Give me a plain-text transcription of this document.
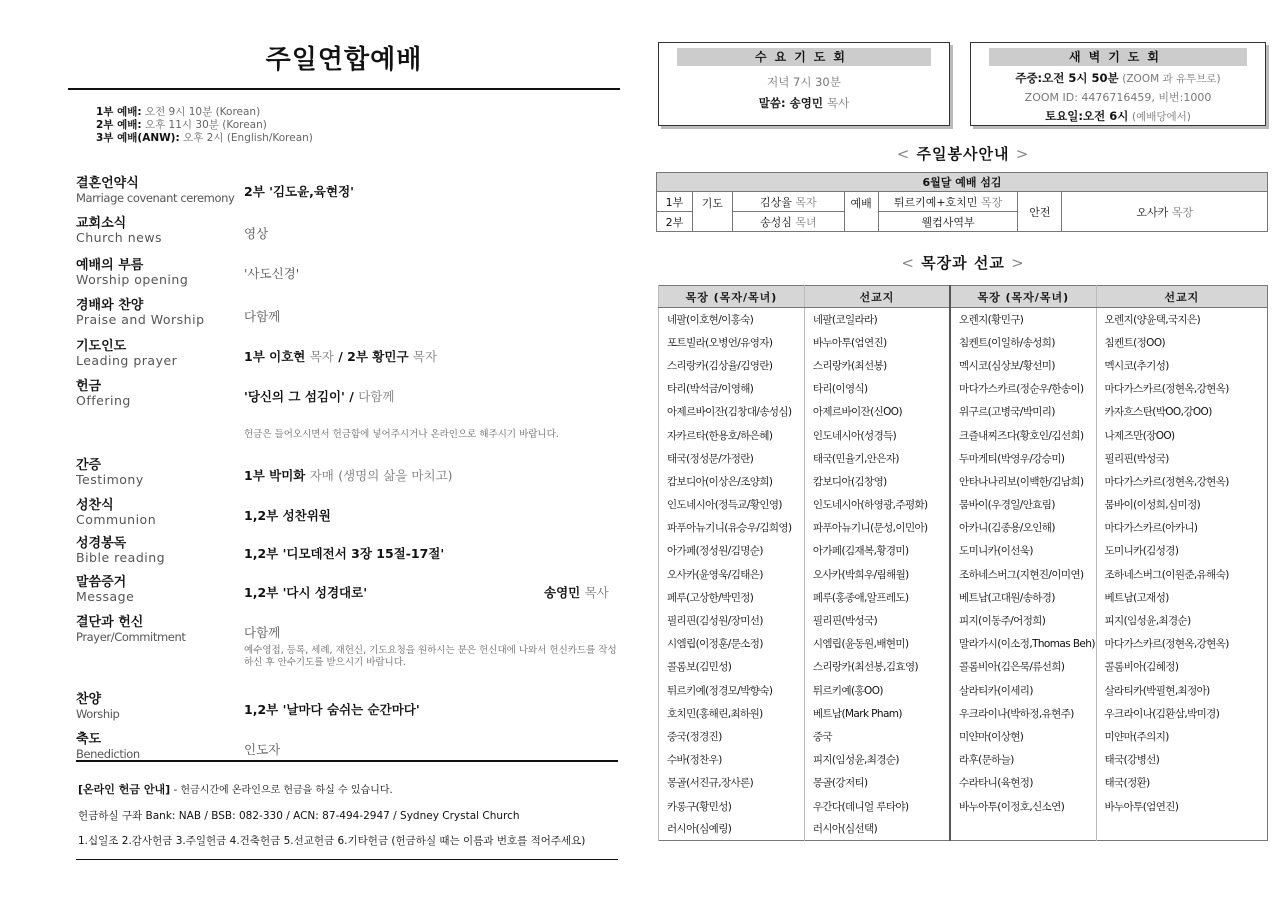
주일연합예배
1부 예배: 오전 9시 10분 (Korean)
2부 예배: 오후 11시 30분 (Korean)
3부 예배(ANW): 오후 2시 (English/Korean)
결혼언약식
Marriage covenant ceremony 2부 '김도윤,육현정'
교회소식
Church news	영상
예배의 부름
Worship opening	'사도신경'
경배와 찬양
Praise and Worship	다함께
기도인도
Leading prayer	1부 이호현 목자 / 2부 황민구 목자
헌금
Offering	'당신의 그 섬김이' / 다함께
헌금은 들어오시면서 헌금함에 넣어주시거나 온라인으로 해주시기 바랍니다.
간증
Testimony	1부 박미화 자매 (생명의 삶을 마치고)
성찬식
Communion	1,2부 성찬위원
성경봉독
Bible reading	1,2부 '디모데전서 3장 15절-17절'
말씀증거
Message	1,2부 '다시 성경대로'	송영민 목사
결단과 헌신
Prayer/Commitment	다함께
예수영접, 등록, 세례, 재헌신, 기도요청을 원하시는 분은 헌신대에 나와서 헌신카드를 작성하신 후 안수기도를 받으시기 바랍니다.
찬양
Worship	1,2부 '날마다 숨쉬는 순간마다'
축도
Benediction	인도자
[온라인 헌금 안내] - 헌금시간에 온라인으로 헌금을 하실 수 있습니다.
헌금하실 구좌 Bank: NAB / BSB: 082-330 / ACN: 87-494-2947 / Sydney Crystal Church
1.십일조 2.감사헌금 3.주일헌금 4.건축헌금 5.선교헌금 6.기타헌금 (헌금하실 때는 이름과 번호를 적어주세요)
수요기도회
저녁 7시 30분
말씀: 송영민 목사
새벽기도회
주중:오전 5시 50분 (ZOOM 과 유투브로)
ZOOM ID: 4476716459, 비번:1000
토요일:오전 6시 (예배당에서)
< 주일봉사안내 >
6월달 예배 섬김						
1부	기도	김상율 목자	예배	튀르키예+호치민 목장	안전	오사카 목장
2부		송성심 목녀		웰컴사역부		
< 목장과 선교 >
목장 (목자/목녀)	선교지	목장 (목자/목녀)	선교지
네팔(이호현/이홍숙)	네팔(코일라라)	오렌지(황민구)	오렌지(양윤택,국지은)
포트빌라(오병언/유영자)	바누아투(엄연진)	침켄트(이일하/송성희)	침켄트(정OO)
스리랑카(김상율/김영란)	스리랑카(최선봉)	멕시코(심상보/황선미)	멕시코(추기성)
타리(박석금/이영해)	타리(이영식)	마다가스카르(정순우/한송이)	마다가스카르(정현옥,강현옥)
아제르바이잔(김창대/송성심)	아제르바이잔(신OO)	위구르(고병국/박미리)	카자흐스탄(박OO,강OO)
자카르타(한용호/하은혜)	인도네시아(성경득)	크즐내찌즈다(황호인/김선희)	나제즈만(장OO)
태국(정성문/가정란)	태국(민율기,안은자)	두마게티(박영우/강승미)	필리핀(박성국)
캄보디아(이상은/조양희)	캄보디아(김창영)	안타나나리보(이백한/김남희)	마다가스카르(정현옥,강현옥)
인도네시아(정득교/황인영)	인도네시아(하영광,주평화)	뭄바이(우경일/안효림)	뭄바이(이성희,심미정)
파푸아뉴기니(유승우/김희영)	파푸아뉴기니(문성,이민아)	아카니(김종용/오인해)	마다가스카르(아카니)
아가페(정성원/김명순)	아가페(김재복,황경미)	도미니카(이선욱)	도미니카(김성경)
오사카(윤영욱/김태은)	오사카(박희우/림해월)	조하네스버그(지현진/이미연)	조하네스버그(이원준,유해숙)
페루(고상한/박민정)	페루(홍종애,알프레도)	베트남(고대원/송하경)	베트남(고재성)
필리핀(김성원/장미선)	필리핀(박성국)	피지(이동주/어정희)	피지(임성윤,최경순)
시엠립(이정훈/문소정)	시엠립(윤동원,배현미)	말라가시(이소정,Thomas Beh)	마다가스카르(정현옥,강현옥)
콜롬보(김민성)	스리랑카(최선봉,김효영)	콜롬비아(김은묵/류선희)	콜롬비아(김혜정)
튀르키예(정경모/박향숙)	튀르키예(홍OO)	살라티카(이세리)	살라티카(박필현,최정아)
호치민(홍해린,최하원)	베트남(Mark Pham)	우크라이나(박하정,유현주)	우크라이나(김환삼,박미경)
중국(정경진)	중국	미얀마(이상현)	미얀마(주의지)
수바(정찬우)	피지(임성윤,최경순)	라후(문하늘)	태국(강병선)
몽골(서진규,장사론)	몽골(강저티)	수라타니(육현정)	태국(정환)
카롱구(황민성)	우간다(데니얼 루타야)	바누아투(이정호,신소연)	바누아투(엄연진)
러시아(심예링)	러시아(심선택)		
